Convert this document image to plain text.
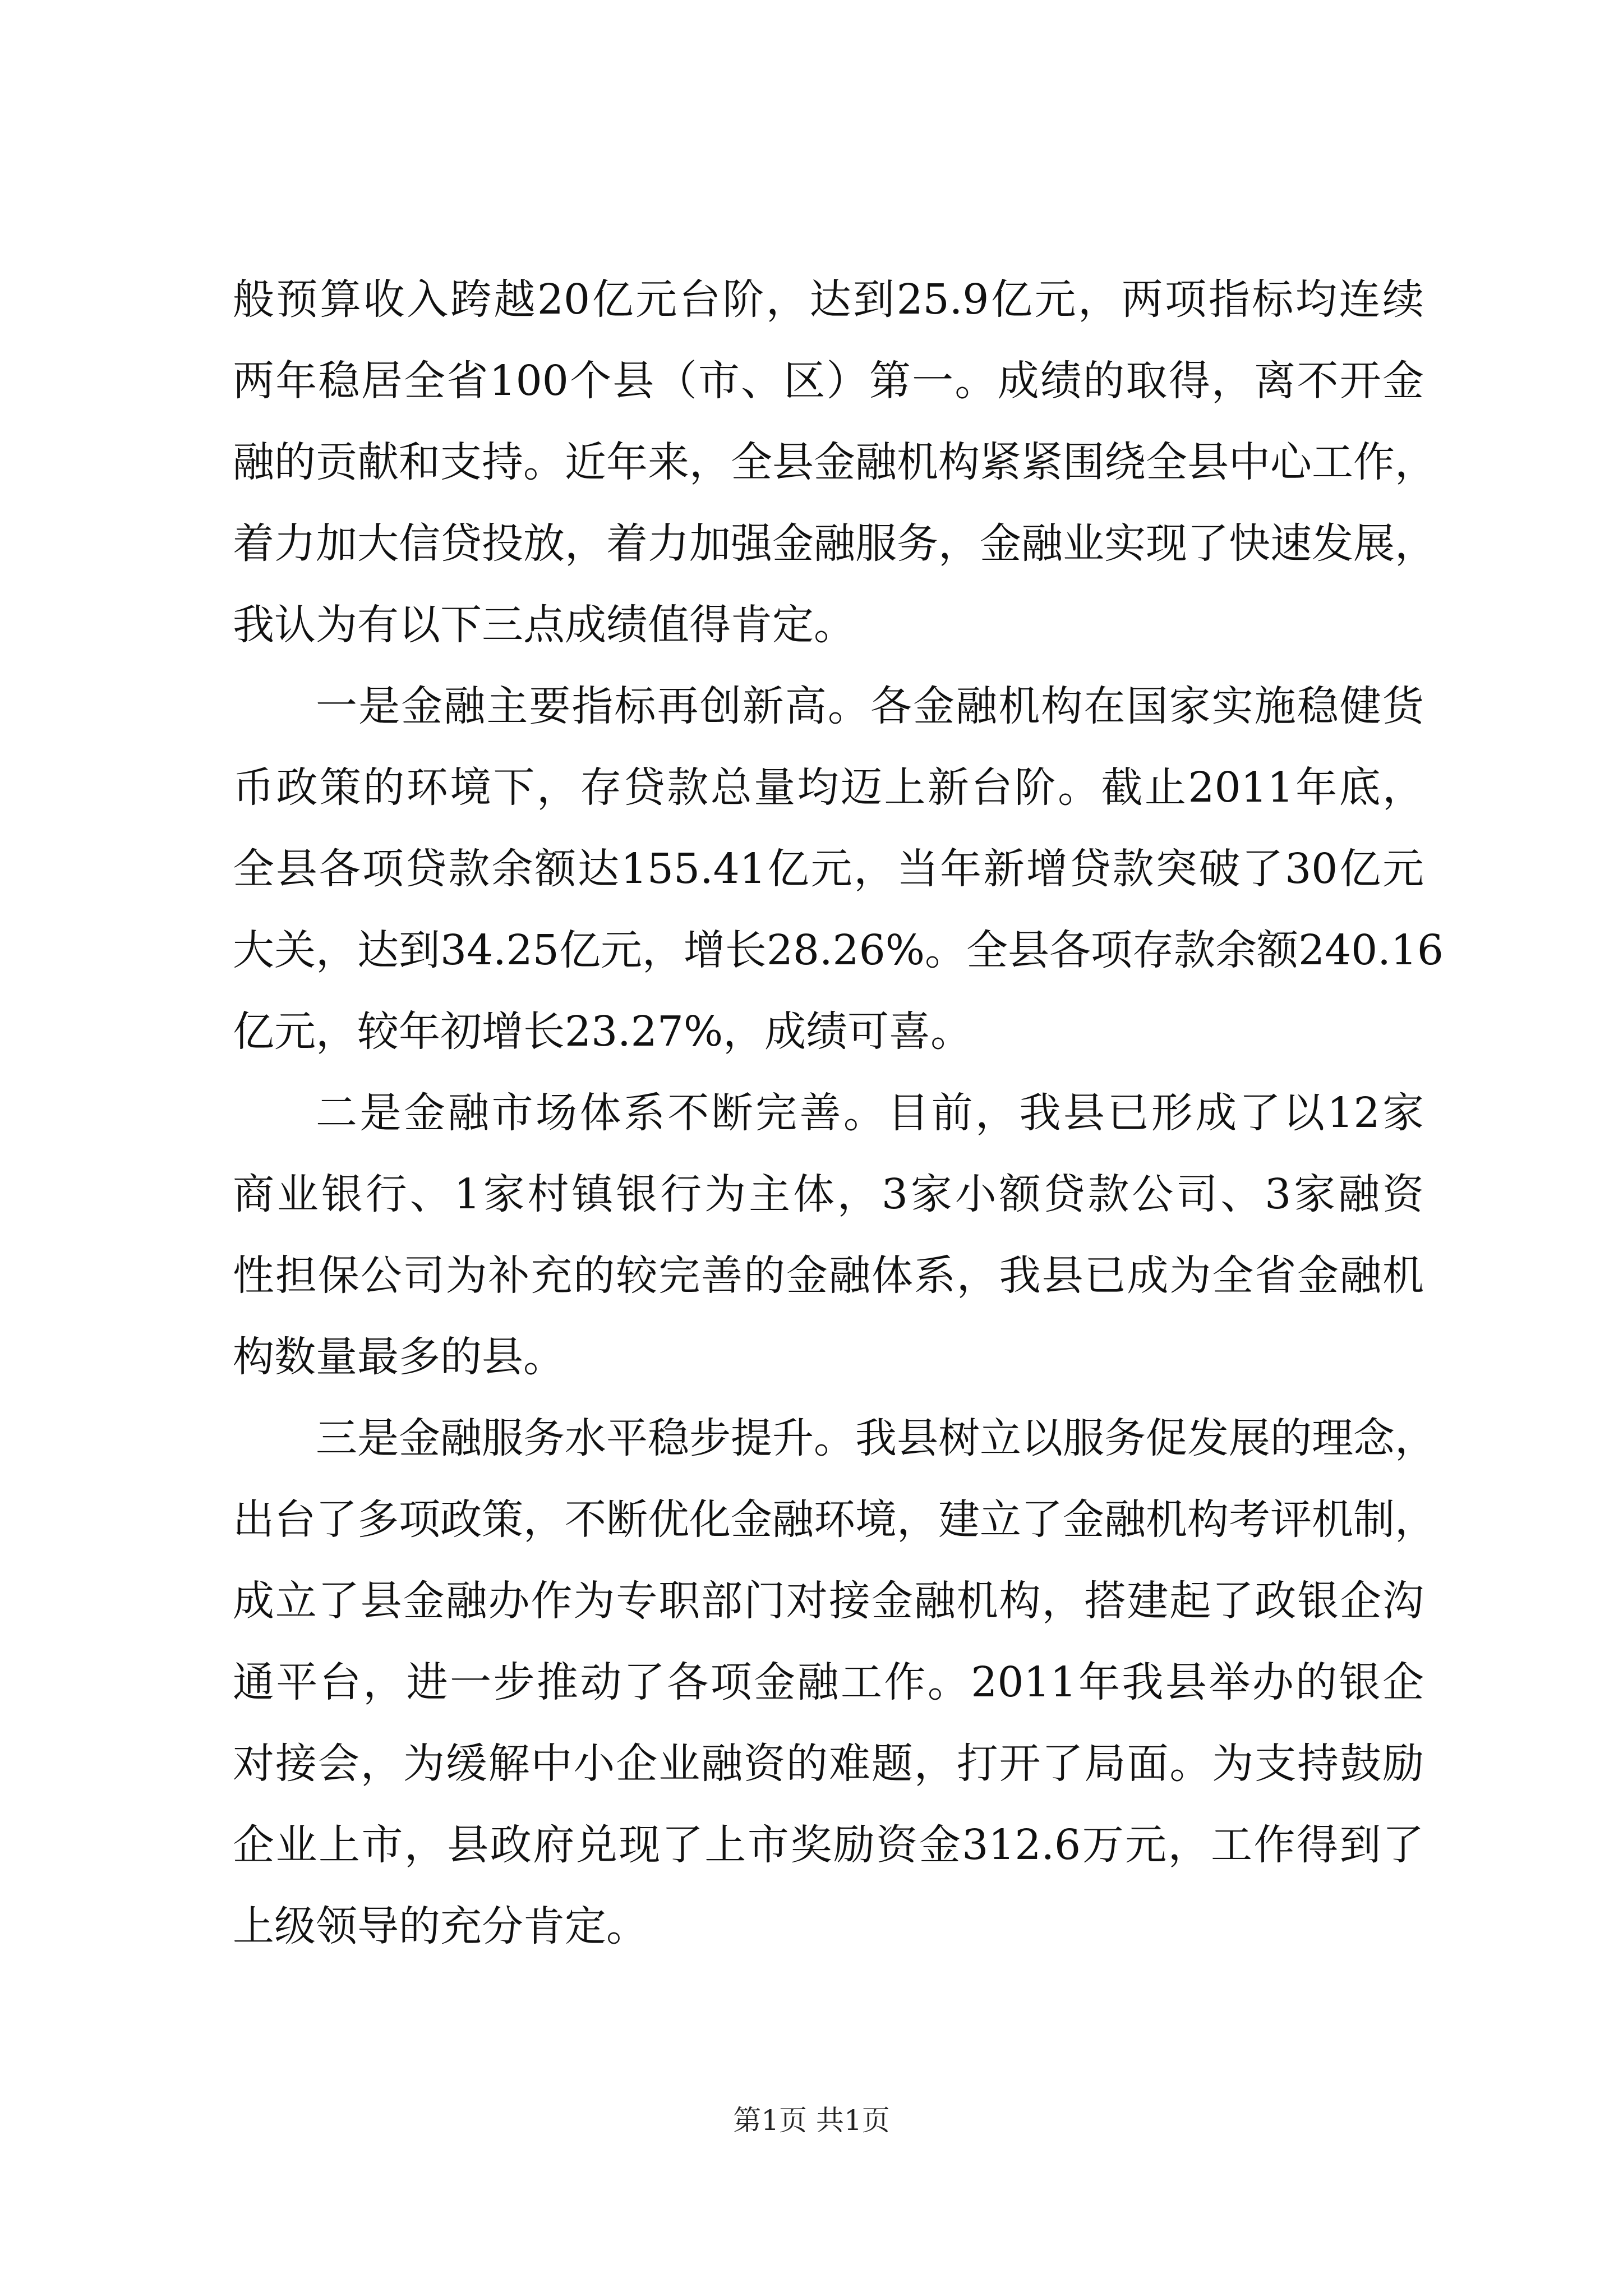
般预算收入跨越20亿元台阶，达到25.9亿元，两项指标均连续
两年稳居全省100个县（市、区）第一。成绩的取得，离不开金
融的贡献和支持。近年来，全县金融机构紧紧围绕全县中心工作，
着力加大信贷投放，着力加强金融服务，金融业实现了快速发展，
我认为有以下三点成绩值得肯定。
一是金融主要指标再创新高。各金融机构在国家实施稳健货
币政策的环境下，存贷款总量均迈上新台阶。截止2011年底，
全县各项贷款余额达155.41亿元，当年新增贷款突破了30亿元
大关，达到34.25亿元，增长28.26%。全县各项存款余额240.16
亿元，较年初增长23.27%，成绩可喜。
二是金融市场体系不断完善。目前，我县已形成了以12家
商业银行、1家村镇银行为主体，3家小额贷款公司、3家融资
性担保公司为补充的较完善的金融体系，我县已成为全省金融机
构数量最多的县。
三是金融服务水平稳步提升。我县树立以服务促发展的理念，
出台了多项政策，不断优化金融环境，建立了金融机构考评机制，
成立了县金融办作为专职部门对接金融机构，搭建起了政银企沟
通平台，进一步推动了各项金融工作。2011年我县举办的银企
对接会，为缓解中小企业融资的难题，打开了局面。为支持鼓励
企业上市，县政府兑现了上市奖励资金312.6万元，工作得到了
上级领导的充分肯定。
第1页 共1页
